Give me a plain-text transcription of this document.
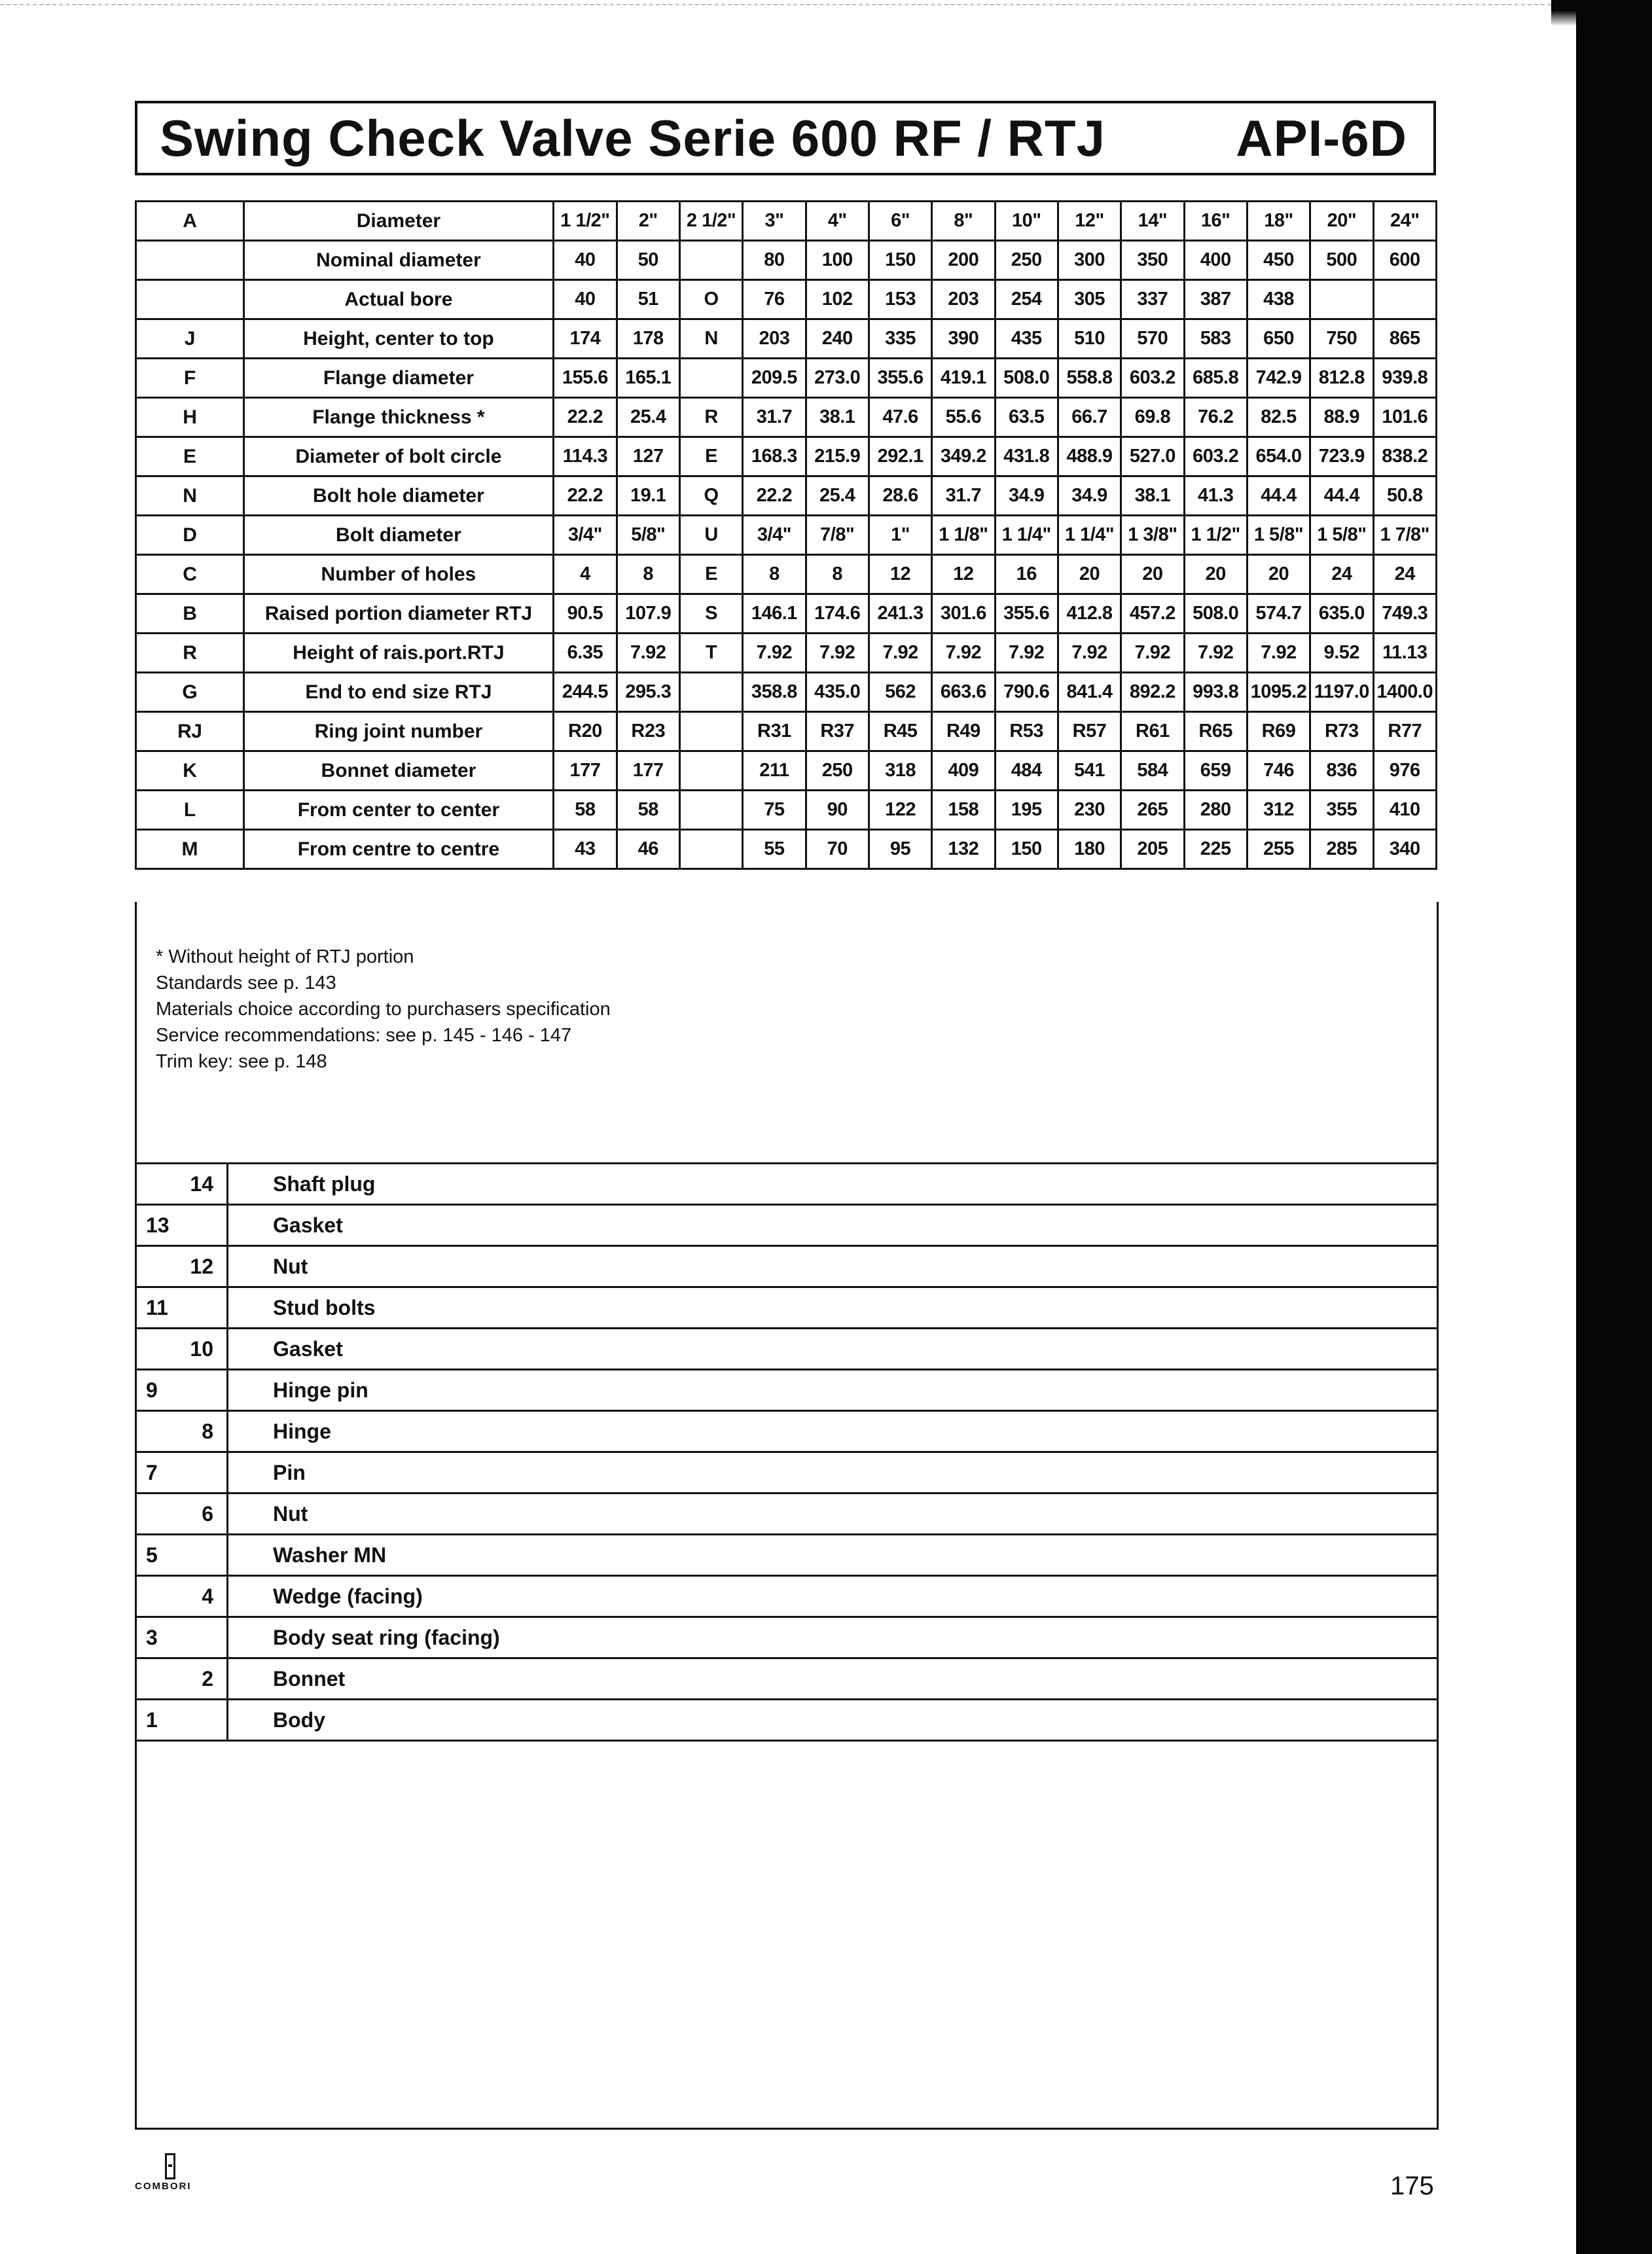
Swing Check Valve Serie 600 RF / RTJ	API-6D
A	Diameter	1 1/2"	2"	2 1/2"	3"	4"	6"	8"	10"	12"	14"	16"	18"	20"	24"
	Nominal diameter	40	50		80	100	150	200	250	300	350	400	450	500	600
	Actual bore	40	51	O	76	102	153	203	254	305	337	387	438		
J	Height, center to top	174	178	N	203	240	335	390	435	510	570	583	650	750	865
F	Flange diameter	155.6	165.1		209.5	273.0	355.6	419.1	508.0	558.8	603.2	685.8	742.9	812.8	939.8
H	Flange thickness *	22.2	25.4	R	31.7	38.1	47.6	55.6	63.5	66.7	69.8	76.2	82.5	88.9	101.6
E	Diameter of bolt circle	114.3	127	E	168.3	215.9	292.1	349.2	431.8	488.9	527.0	603.2	654.0	723.9	838.2
N	Bolt hole diameter	22.2	19.1	Q	22.2	25.4	28.6	31.7	34.9	34.9	38.1	41.3	44.4	44.4	50.8
D	Bolt diameter	3/4"	5/8"	U	3/4"	7/8"	1"	1 1/8"	1 1/4"	1 1/4"	1 3/8"	1 1/2"	1 5/8"	1 5/8"	1 7/8"
C	Number of holes	4	8	E	8	8	12	12	16	20	20	20	20	24	24
B	Raised portion diameter RTJ	90.5	107.9	S	146.1	174.6	241.3	301.6	355.6	412.8	457.2	508.0	574.7	635.0	749.3
R	Height of rais.port.RTJ	6.35	7.92	T	7.92	7.92	7.92	7.92	7.92	7.92	7.92	7.92	7.92	9.52	11.13
G	End to end size RTJ	244.5	295.3		358.8	435.0	562	663.6	790.6	841.4	892.2	993.8	1095.2	1197.0	1400.0
RJ	Ring joint number	R20	R23		R31	R37	R45	R49	R53	R57	R61	R65	R69	R73	R77
K	Bonnet diameter	177	177		211	250	318	409	484	541	584	659	746	836	976
L	From center to center	58	58		75	90	122	158	195	230	265	280	312	355	410
M	From centre to centre	43	46		55	70	95	132	150	180	205	225	255	285	340
* Without height of RTJ portion
Standards see p. 143
Materials choice according to purchasers specification
Service recommendations: see p. 145 - 146 - 147
Trim key: see p. 148
14	Shaft plug
13	Gasket
12	Nut
11	Stud bolts
10	Gasket
9	Hinge pin
8	Hinge
7	Pin
6	Nut
5	Washer MN
4	Wedge (facing)
3	Body seat ring (facing)
2	Bonnet
1	Body
COMBORI	175
